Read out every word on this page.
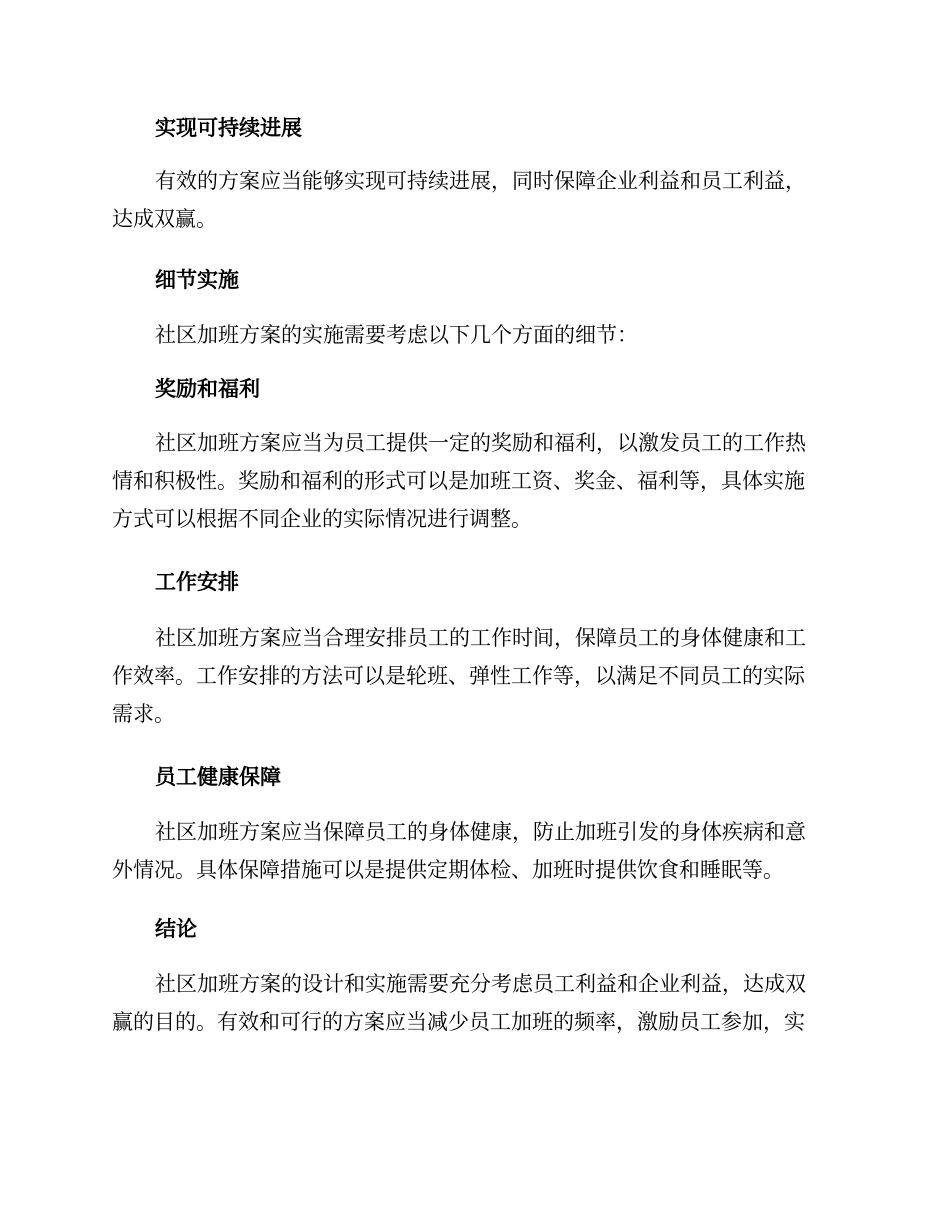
实现可持续进展
有效的方案应当能够实现可持续进展，同时保障企业利益和员工利益，
达成双赢。
细节实施
社区加班方案的实施需要考虑以下几个方面的细节：
奖励和福利
社区加班方案应当为员工提供一定的奖励和福利，以激发员工的工作热
情和积极性。奖励和福利的形式可以是加班工资、奖金、福利等，具体实施
方式可以根据不同企业的实际情况进行调整。
工作安排
社区加班方案应当合理安排员工的工作时间，保障员工的身体健康和工
作效率。工作安排的方法可以是轮班、弹性工作等，以满足不同员工的实际
需求。
员工健康保障
社区加班方案应当保障员工的身体健康，防止加班引发的身体疾病和意
外情况。具体保障措施可以是提供定期体检、加班时提供饮食和睡眠等。
结论
社区加班方案的设计和实施需要充分考虑员工利益和企业利益，达成双
赢的目的。有效和可行的方案应当减少员工加班的频率，激励员工参加，实
